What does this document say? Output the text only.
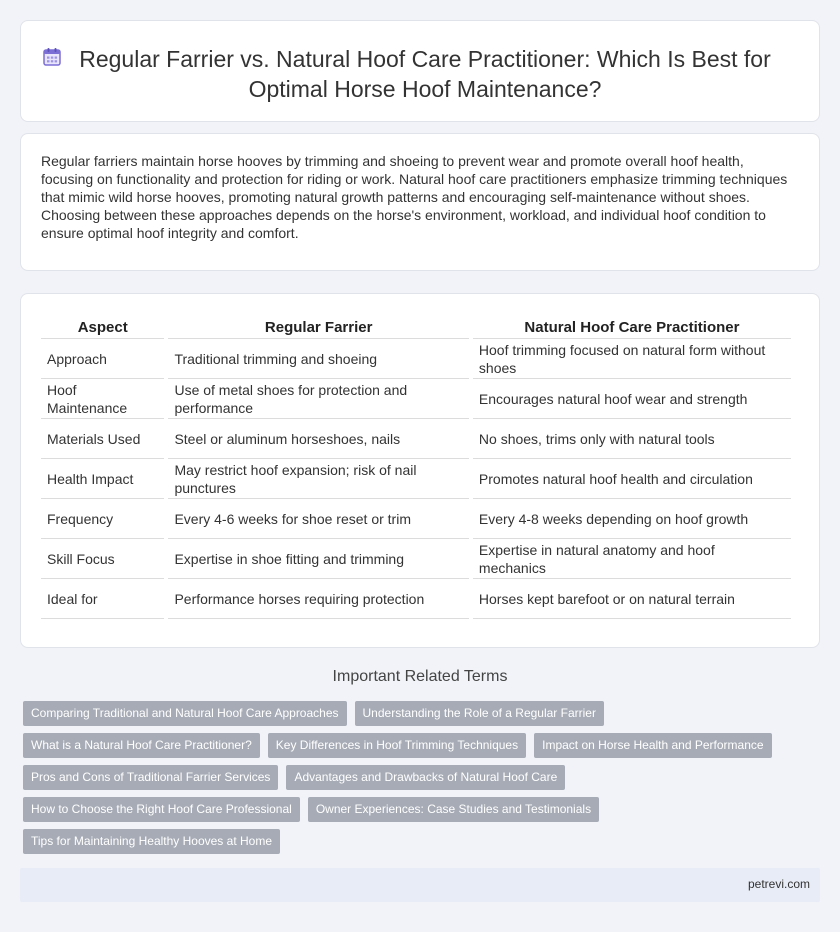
Regular Farrier vs. Natural Hoof Care Practitioner: Which Is Best for Optimal Horse Hoof Maintenance?

Regular farriers maintain horse hooves by trimming and shoeing to prevent wear and promote overall hoof health, focusing on functionality and protection for riding or work. Natural hoof care practitioners emphasize trimming techniques that mimic wild horse hooves, promoting natural growth patterns and encouraging self-maintenance without shoes. Choosing between these approaches depends on the horse's environment, workload, and individual hoof condition to ensure optimal hoof integrity and comfort.

Aspect	Regular Farrier	Natural Hoof Care Practitioner
Approach	Traditional trimming and shoeing	Hoof trimming focused on natural form without shoes
Hoof Maintenance	Use of metal shoes for protection and performance	Encourages natural hoof wear and strength
Materials Used	Steel or aluminum horseshoes, nails	No shoes, trims only with natural tools
Health Impact	May restrict hoof expansion; risk of nail punctures	Promotes natural hoof health and circulation
Frequency	Every 4-6 weeks for shoe reset or trim	Every 4-8 weeks depending on hoof growth
Skill Focus	Expertise in shoe fitting and trimming	Expertise in natural anatomy and hoof mechanics
Ideal for	Performance horses requiring protection	Horses kept barefoot or on natural terrain
Important Related Terms
Comparing Traditional and Natural Hoof Care Approaches	Understanding the Role of a Regular Farrier
What is a Natural Hoof Care Practitioner?	Key Differences in Hoof Trimming Techniques	Impact on Horse Health and Performance
Pros and Cons of Traditional Farrier Services	Advantages and Drawbacks of Natural Hoof Care
How to Choose the Right Hoof Care Professional	Owner Experiences: Case Studies and Testimonials
Tips for Maintaining Healthy Hooves at Home
petrevi.com
